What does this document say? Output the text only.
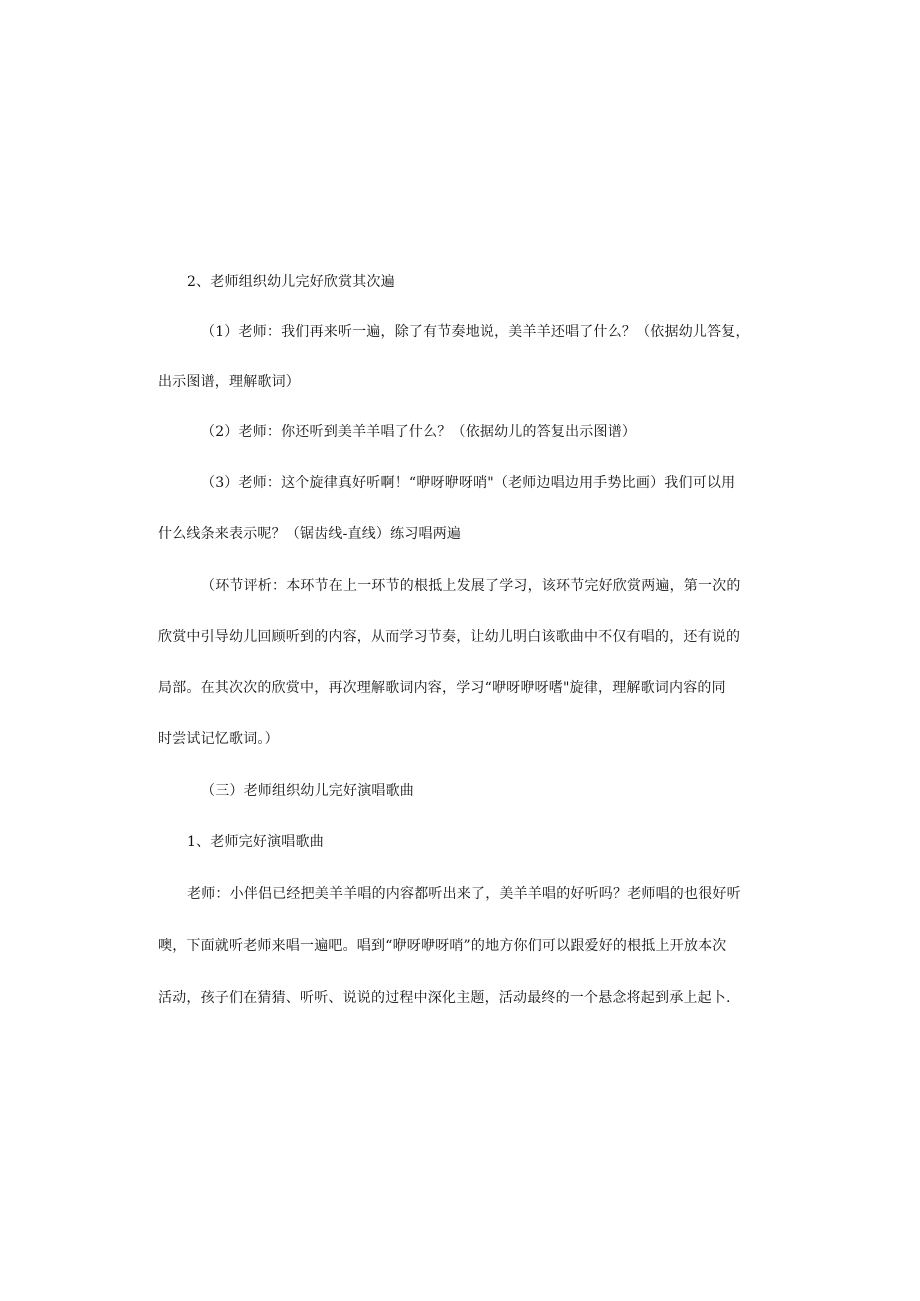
2、老师组织幼儿完好欣赏其次遍
（1）老师：我们再来听一遍，除了有节奏地说，美羊羊还唱了什么？（依据幼儿答复，
出示图谱，理解歌词）
（2）老师：你还听到美羊羊唱了什么？（依据幼儿的答复出示图谱）
（3）老师：这个旋律真好听啊！“咿呀咿呀哨"（老师边唱边用手势比画）我们可以用
什么线条来表示呢？（锯齿线-直线）练习唱两遍
（环节评析：本环节在上一环节的根抵上发展了学习，该环节完好欣赏两遍，第一次的
欣赏中引导幼儿回顾听到的内容，从而学习节奏，让幼儿明白该歌曲中不仅有唱的，还有说的
局部。在其次次的欣赏中，再次理解歌词内容，学习“咿呀咿呀嗜"旋律，理解歌词内容的同
时尝试记忆歌词。）
（三）老师组织幼儿完好演唱歌曲
1、老师完好演唱歌曲
老师：小伴侣已经把美羊羊唱的内容都听出来了，美羊羊唱的好听吗？老师唱的也很好听
噢，下面就听老师来唱一遍吧。唱到“咿呀咿呀哨”的地方你们可以跟爱好的根抵上开放本次
活动，孩子们在猜猜、听听、说说的过程中深化主题，活动最终的一个悬念将起到承上起卜.
